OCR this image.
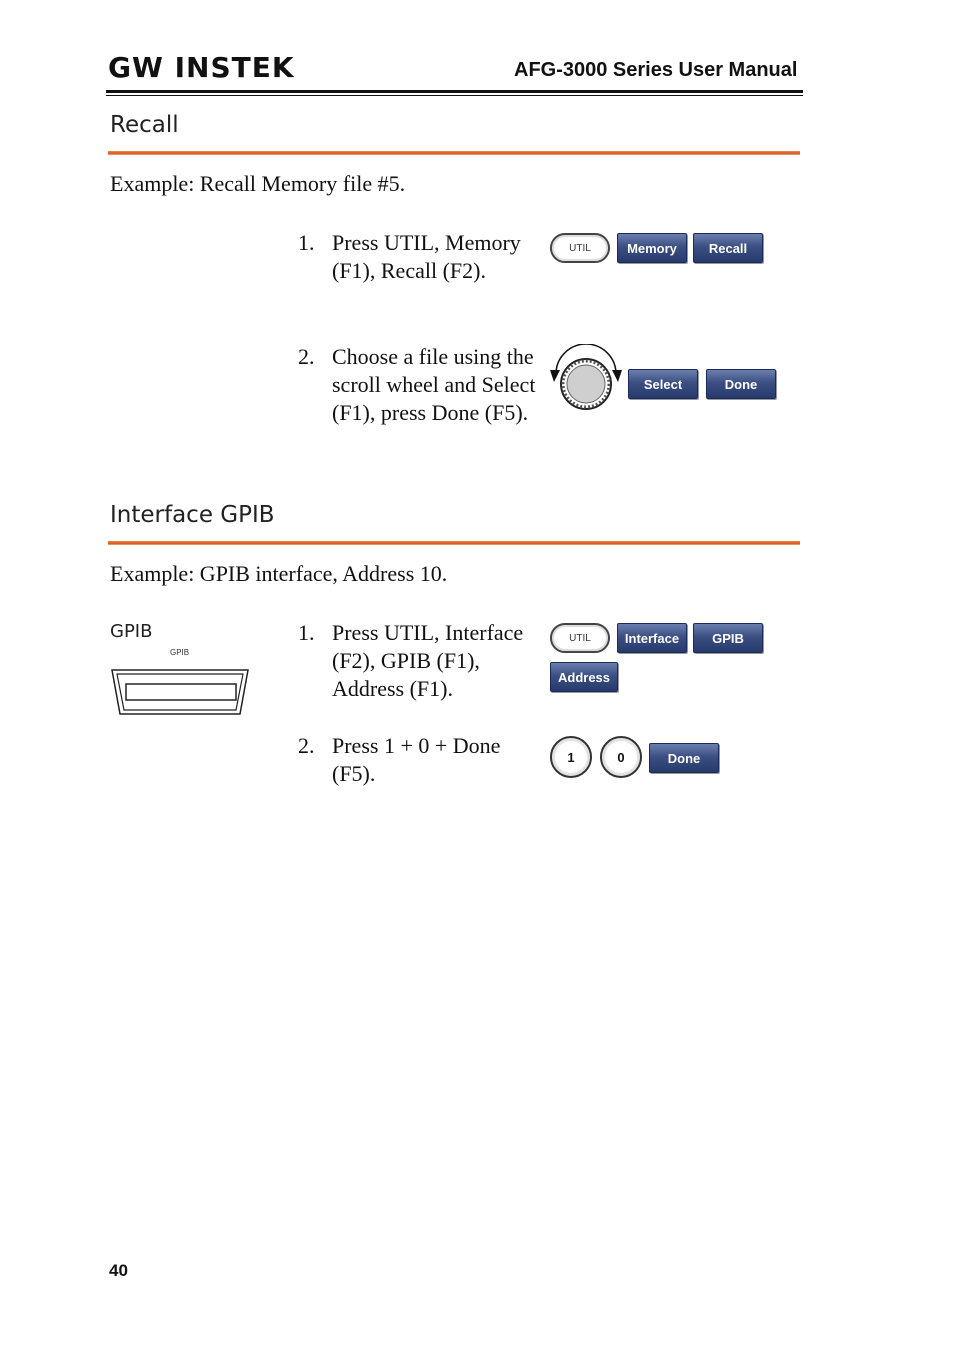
GW INSTEK	AFG-3000 Series User Manual
Recall
Example: Recall Memory file #5.
1. Press UTIL, Memory (F1), Recall (F2).
UTIL	Memory	Recall
2. Choose a file using the scroll wheel and Select (F1), press Done (F5).
Select	Done
Interface GPIB
Example: GPIB interface, Address 10.
GPIB
GPIB
1. Press UTIL, Interface (F2), GPIB (F1), Address (F1).
UTIL	Interface	GPIB
Address
2. Press 1 + 0 + Done (F5).
1	0	Done
40
